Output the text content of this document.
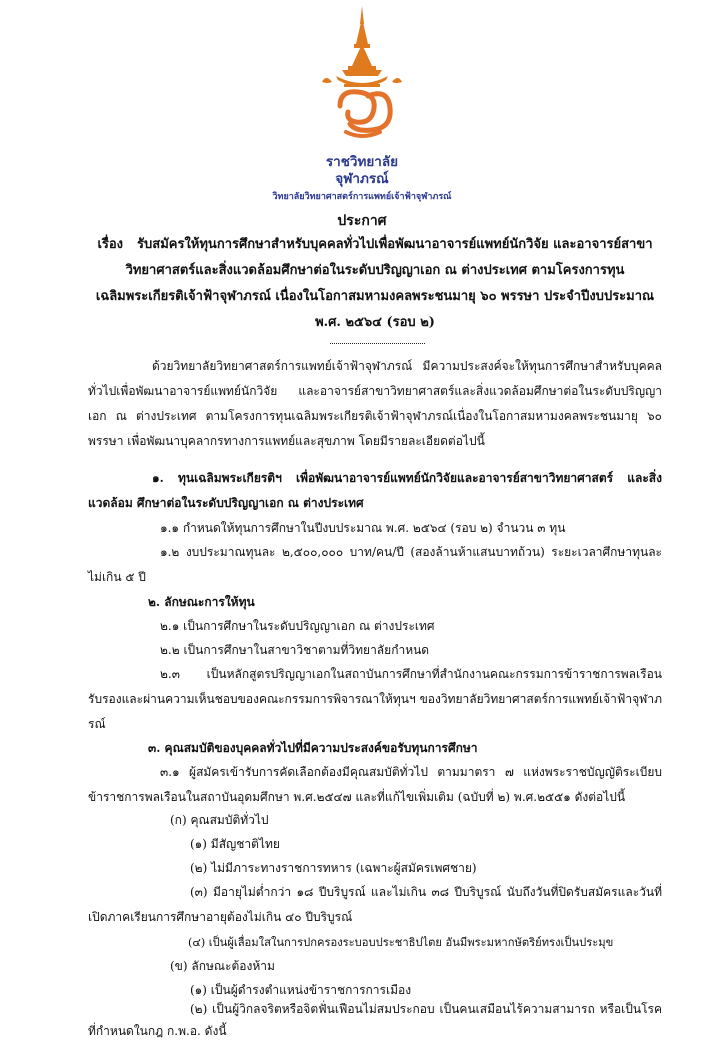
ราชวิทยาลัย

จุฬาภรณ์

วิทยาลัยวิทยาศาสตร์การแพทย์เจ้าฟ้าจุฬาภรณ์
ประกาศ
เรื่อง รับสมัครให้ทุนการศึกษาสำหรับบุคคลทั่วไปเพื่อพัฒนาอาจารย์แพทย์นักวิจัย และอาจารย์สาขาวิทยาศาสตร์และสิ่งแวดล้อมศึกษาต่อในระดับปริญญาเอก ณ ต่างประเทศ ตามโครงการทุนเฉลิมพระเกียรติเจ้าฟ้าจุฬาภรณ์ เนื่องในโอกาสมหามงคลพระชนมายุ ๖๐ พรรษา ประจำปีงบประมาณ พ.ศ. ๒๕๖๔ (รอบ ๒)
ด้วยวิทยาลัยวิทยาศาสตร์การแพทย์เจ้าฟ้าจุฬาภรณ์ มีความประสงค์จะให้ทุนการศึกษาสำหรับบุคคลทั่วไปเพื่อพัฒนาอาจารย์แพทย์นักวิจัย และอาจารย์สาขาวิทยาศาสตร์และสิ่งแวดล้อมศึกษาต่อในระดับปริญญาเอก ณ ต่างประเทศ ตามโครงการทุนเฉลิมพระเกียรติเจ้าฟ้าจุฬาภรณ์เนื่องในโอกาสมหามงคลพระชนมายุ ๖๐ พรรษา เพื่อพัฒนาบุคลากรทางการแพทย์และสุขภาพ โดยมีรายละเอียดต่อไปนี้
๑. ทุนเฉลิมพระเกียรติฯ เพื่อพัฒนาอาจารย์แพทย์นักวิจัยและอาจารย์สาขาวิทยาศาสตร์ และสิ่งแวดล้อม ศึกษาต่อในระดับปริญญาเอก ณ ต่างประเทศ
๑.๑ กำหนดให้ทุนการศึกษาในปีงบประมาณ พ.ศ. ๒๕๖๔ (รอบ ๒) จำนวน ๓ ทุน
๑.๒ งบประมาณทุนละ ๒,๕๐๐,๐๐๐ บาท/คน/ปี (สองล้านห้าแสนบาทถ้วน) ระยะเวลาศึกษาทุนละไม่เกิน ๕ ปี
๒. ลักษณะการให้ทุน
๒.๑ เป็นการศึกษาในระดับปริญญาเอก ณ ต่างประเทศ
๒.๒ เป็นการศึกษาในสาขาวิชาตามที่วิทยาลัยกำหนด
๒.๓ เป็นหลักสูตรปริญญาเอกในสถาบันการศึกษาที่สำนักงานคณะกรรมการข้าราชการพลเรือนรับรองและผ่านความเห็นชอบของคณะกรรมการพิจารณาให้ทุนฯ ของวิทยาลัยวิทยาศาสตร์การแพทย์เจ้าฟ้าจุฬาภรณ์
๓. คุณสมบัติของบุคคลทั่วไปที่มีความประสงค์ขอรับทุนการศึกษา
๓.๑ ผู้สมัครเข้ารับการคัดเลือกต้องมีคุณสมบัติทั่วไป ตามมาตรา ๗ แห่งพระราชบัญญัติระเบียบข้าราชการพลเรือนในสถาบันอุดมศึกษา พ.ศ.๒๕๔๗ และที่แก้ไขเพิ่มเติม (ฉบับที่ ๒) พ.ศ.๒๕๕๑ ดังต่อไปนี้
(ก) คุณสมบัติทั่วไป
(๑) มีสัญชาติไทย
(๒) ไม่มีภาระทางราชการทหาร (เฉพาะผู้สมัครเพศชาย)
(๓) มีอายุไม่ต่ำกว่า ๑๘ ปีบริบูรณ์ และไม่เกิน ๓๘ ปีบริบูรณ์ นับถึงวันที่ปิดรับสมัครและวันที่เปิดภาคเรียนการศึกษาอายุต้องไม่เกิน ๔๐ ปีบริบูรณ์
(๔) เป็นผู้เลื่อมใสในการปกครองระบอบประชาธิปไตย อันมีพระมหากษัตริย์ทรงเป็นประมุข
(ข) ลักษณะต้องห้าม
(๑) เป็นผู้ดำรงตำแหน่งข้าราชการการเมือง
(๒) เป็นผู้วิกลจริตหรือจิตฟั่นเฟือนไม่สมประกอบ เป็นคนเสมือนไร้ความสามารถ หรือเป็นโรคที่กำหนดในกฎ ก.พ.อ. ดังนี้
